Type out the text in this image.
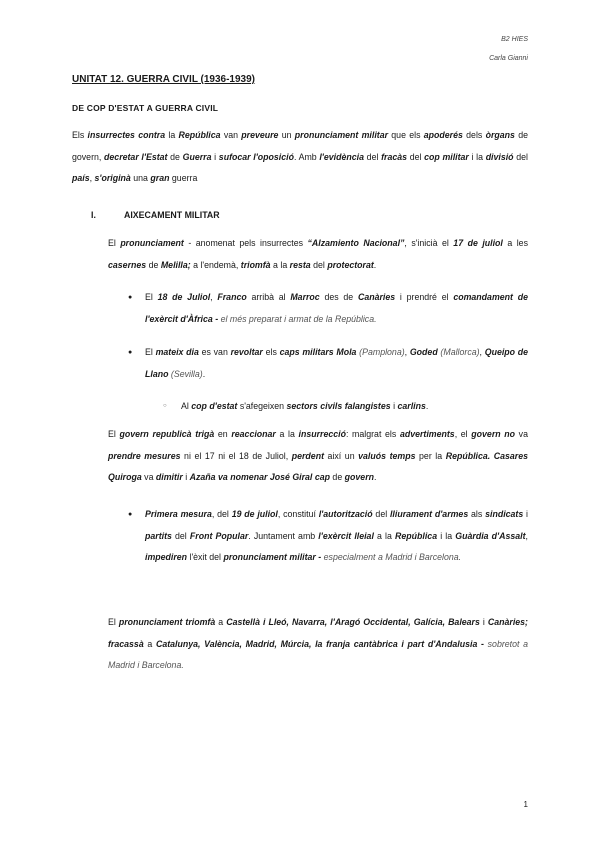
B2 HIES
Carla Gianni
UNITAT 12. GUERRA CIVIL (1936-1939)
DE COP D'ESTAT A GUERRA CIVIL
Els insurrectes contra la República van preveure un pronunciament militar que els apoderés dels òrgans de govern, decretar l'Estat de Guerra i sufocar l'oposició. Amb l'evidència del fracàs del cop militar i la divisió del país, s'originà una gran guerra
I.	AIXECAMENT MILITAR
El pronunciament - anomenat pels insurrectes “Alzamiento Nacional”, s'inicià el 17 de juliol a les casernes de Melilla; a l'endemà, triomfà a la resta del protectorat.
● El 18 de Juliol, Franco arribà al Marroc des de Canàries i prendré el comandament de l'exèrcit d'Àfrica - el més preparat i armat de la República.
● El mateix dia es van revoltar els caps militars Mola (Pamplona), Goded (Mallorca), Queipo de Llano (Sevilla).
○ Al cop d'estat s'afegeixen sectors civils falangistes i carlins.
El govern republicà trigà en reaccionar a la insurrecció: malgrat els advertiments, el govern no va prendre mesures ni el 17 ni el 18 de Juliol, perdent així un valuós temps per la República. Casares Quiroga va dimitir i Azaña va nomenar José Giral cap de govern.
● Primera mesura, del 19 de juliol, constituí l'autorització del lliurament d'armes als sindicats i partits del Front Popular. Juntament amb l'exèrcit lleial a la República i la Guàrdia d'Assalt, impediren l'èxit del pronunciament militar - especialment a Madrid i Barcelona.
El pronunciament triomfà a Castellà i Lleó, Navarra, l'Aragó Occidental, Galícia, Balears i Canàries; fracassà a Catalunya, València, Madrid, Múrcia, la franja cantàbrica i part d'Andalusia - sobretot a Madrid i Barcelona.
1
